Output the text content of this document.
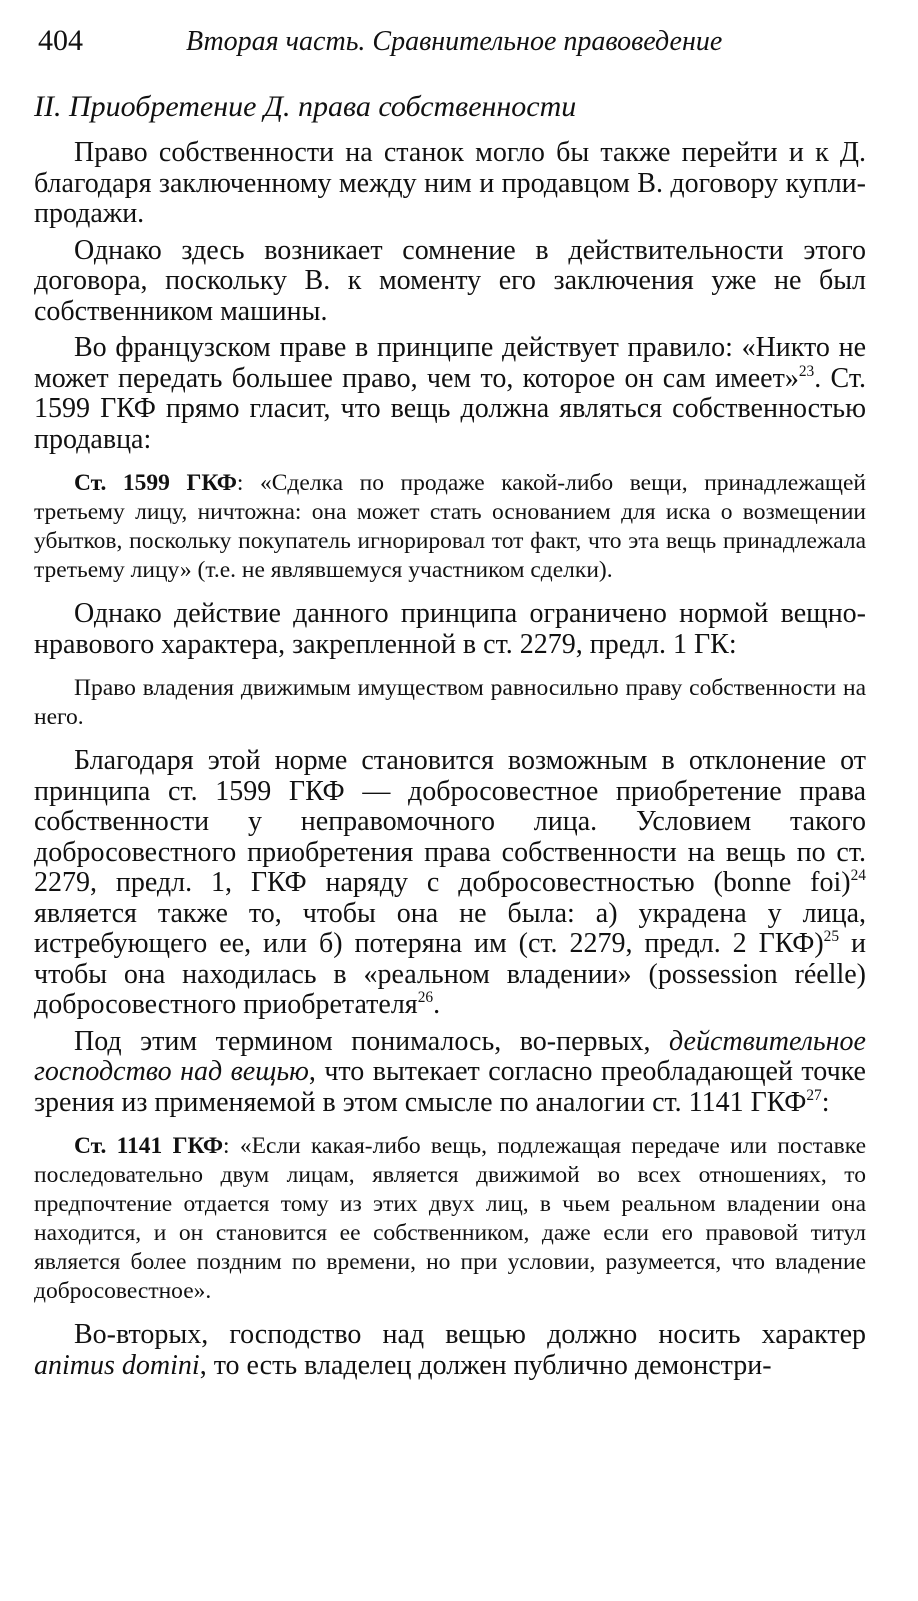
404	Вторая часть. Сравнительное правоведение
II. Приобретение Д. права собственности

Право собственности на станок могло бы также перейти и к Д. благодаря заключенному между ним и продавцом В. договору купли-продажи.

Однако здесь возникает сомнение в действительности этого договора, поскольку В. к моменту его заключения уже не был собственником машины.

Во французском праве в принципе действует правило: «Никто не может передать большее право, чем то, которое он сам имеет»$^{23}$. Ст. 1599 ГКФ прямо гласит, что вещь должна являться собственностью продавца:

Ст. 1599 ГКФ: «Сделка по продаже какой-либо вещи, принадлежащей третьему лицу, ничтожна: она может стать основанием для иска о возмещении убытков, поскольку покупатель игнорировал тот факт, что эта вещь принадлежала третьему лицу» (т.е. не являвшемуся участником сделки).

Однако действие данного принципа ограничено нормой вещно-нравового характера, закрепленной в ст. 2279, предл. 1 ГК:

Право владения движимым имуществом равносильно праву собственности на него.

Благодаря этой норме становится возможным в отклонение от принципа ст. 1599 ГКФ — добросовестное приобретение права собственности у неправомочного лица. Условием такого добросовестного приобретения права собственности на вещь по ст. 2279, предл. 1, ГКФ наряду с добросовестностью (bonne foi)$^{24}$ является также то, чтобы она не была: а) украдена у лица, истребующего ее, или б) потеряна им (ст. 2279, предл. 2 ГКФ)$^{25}$ и чтобы она находилась в «реальном владении» (possession réelle) добросовестного приобретателя$^{26}$.

Под этим термином понималось, во-первых, действительное господство над вещью, что вытекает согласно преобладающей точке зрения из применяемой в этом смысле по аналогии ст. 1141 ГКФ$^{27}$:

Ст. 1141 ГКФ: «Если какая-либо вещь, подлежащая передаче или поставке последовательно двум лицам, является движимой во всех отношениях, то предпочтение отдается тому из этих двух лиц, в чьем реальном владении она находится, и он становится ее собственником, даже если его правовой титул является более поздним по времени, но при условии, разумеется, что владение добросовестное».

Во-вторых, господство над вещью должно носить характер animus domini, то есть владелец должен публично демонстри-
